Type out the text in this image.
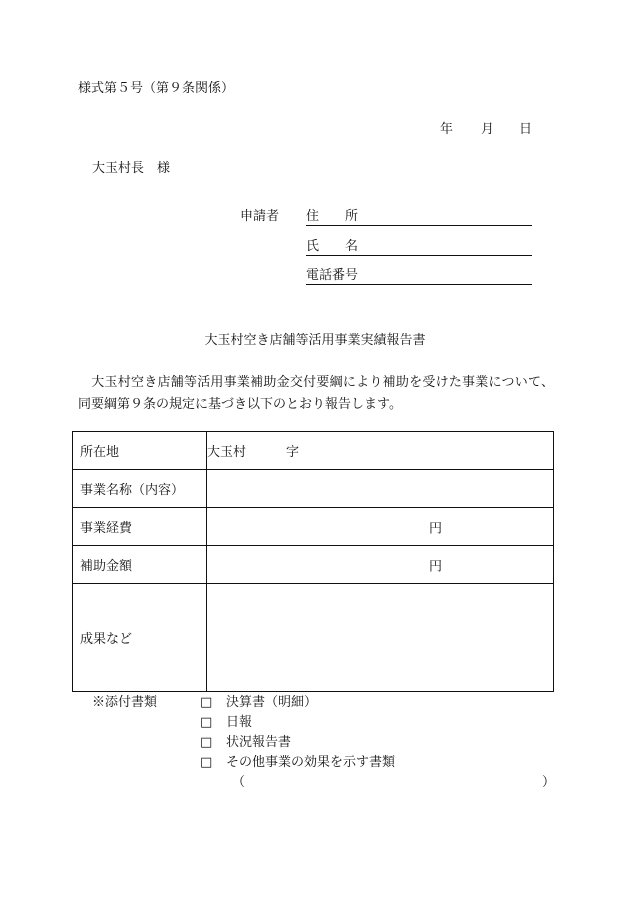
様式第５号（第９条関係）
年 月 日
大玉村長　様
申請者 住　　所
氏　　名
電話番号
大玉村空き店舗等活用事業実績報告書
　大玉村空き店舗等活用事業補助金交付要綱により補助を受けた事業について、同要綱第９条の規定に基づき以下のとおり報告します。
所在地	大玉村 字
事業名称（内容）	
事業経費	円

補助金額	円

成果など	
※添付書類	□ 決算書（明細）
□ 日報
□ 状況報告書
□ その他事業の効果を示す書類
（	）
